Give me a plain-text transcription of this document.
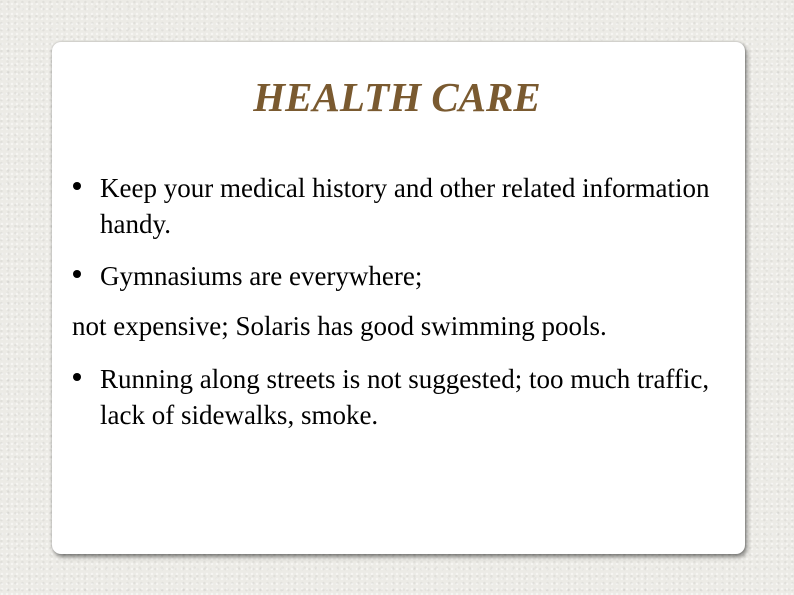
HEALTH CARE
Keep your medical history and other related information handy.
Gymnasiums are everywhere;
not expensive; Solaris has good swimming pools.
Running along streets is not suggested; too much traffic, lack of sidewalks, smoke.
